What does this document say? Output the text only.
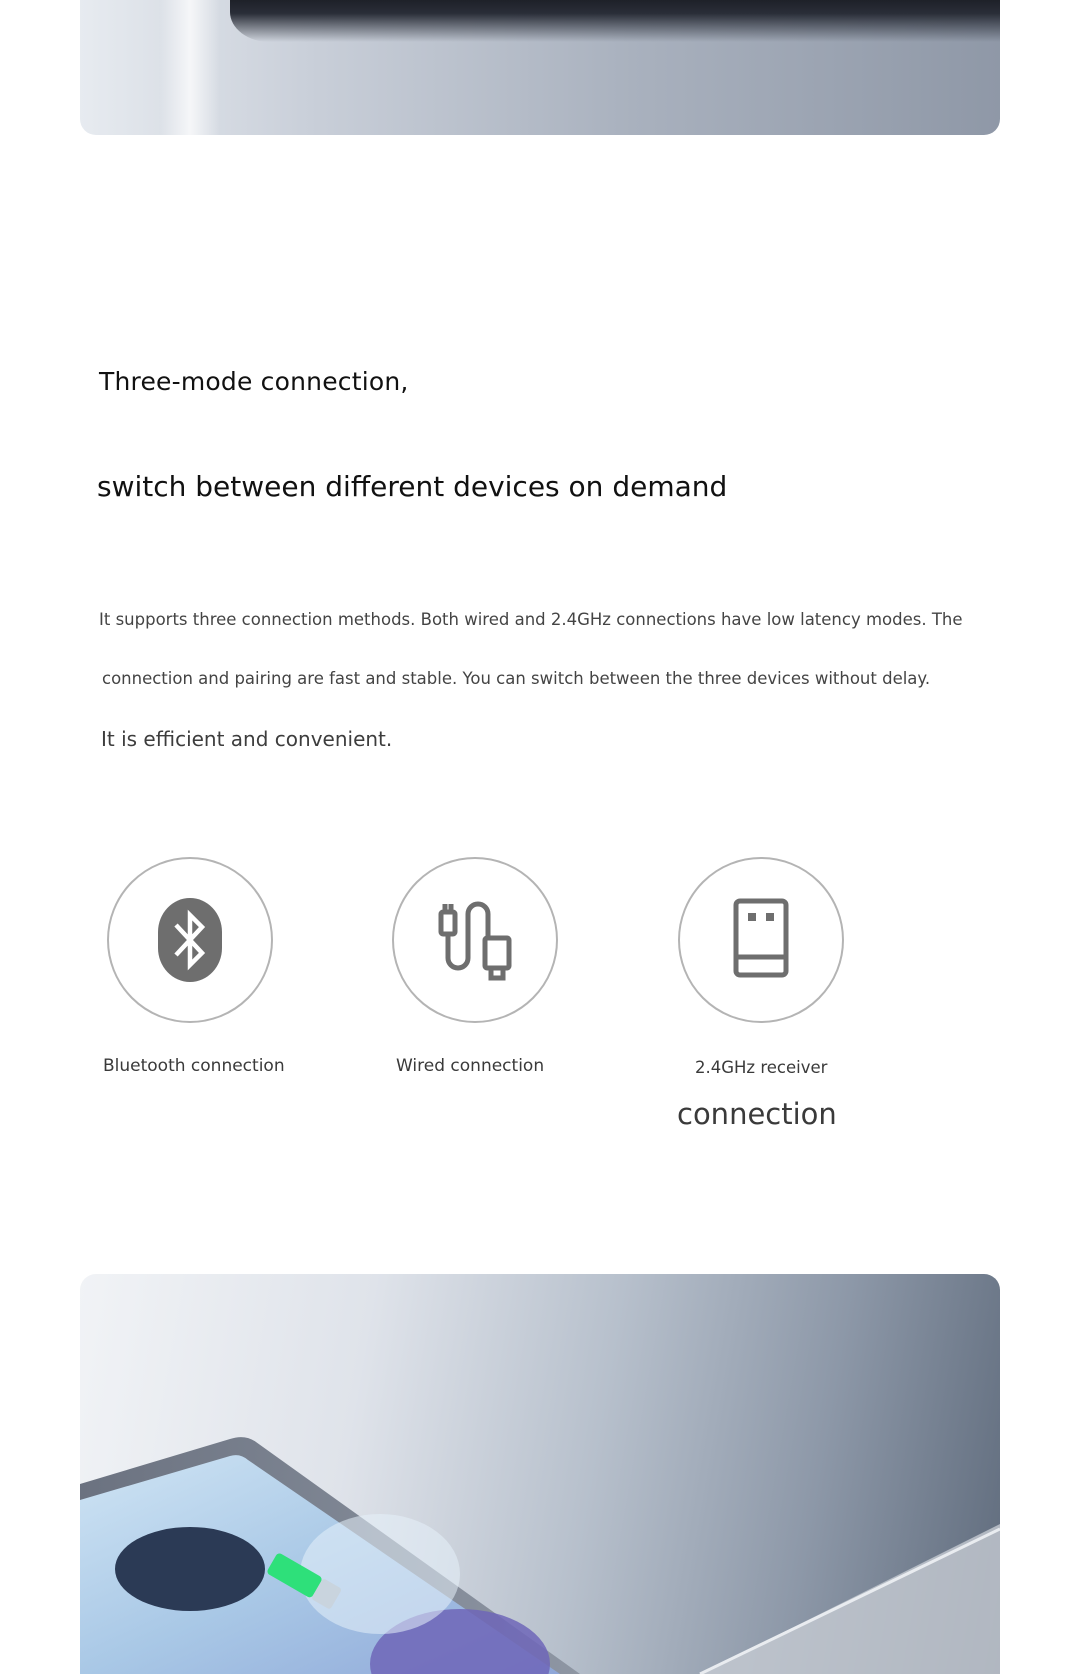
Three-mode connection,
switch between different devices on demand
It supports three connection methods. Both wired and 2.4GHz connections have low latency modes. The
connection and pairing are fast and stable. You can switch between the three devices without delay.
It is efficient and convenient.
Bluetooth connection	Wired connection	2.4GHz receiver
connection
